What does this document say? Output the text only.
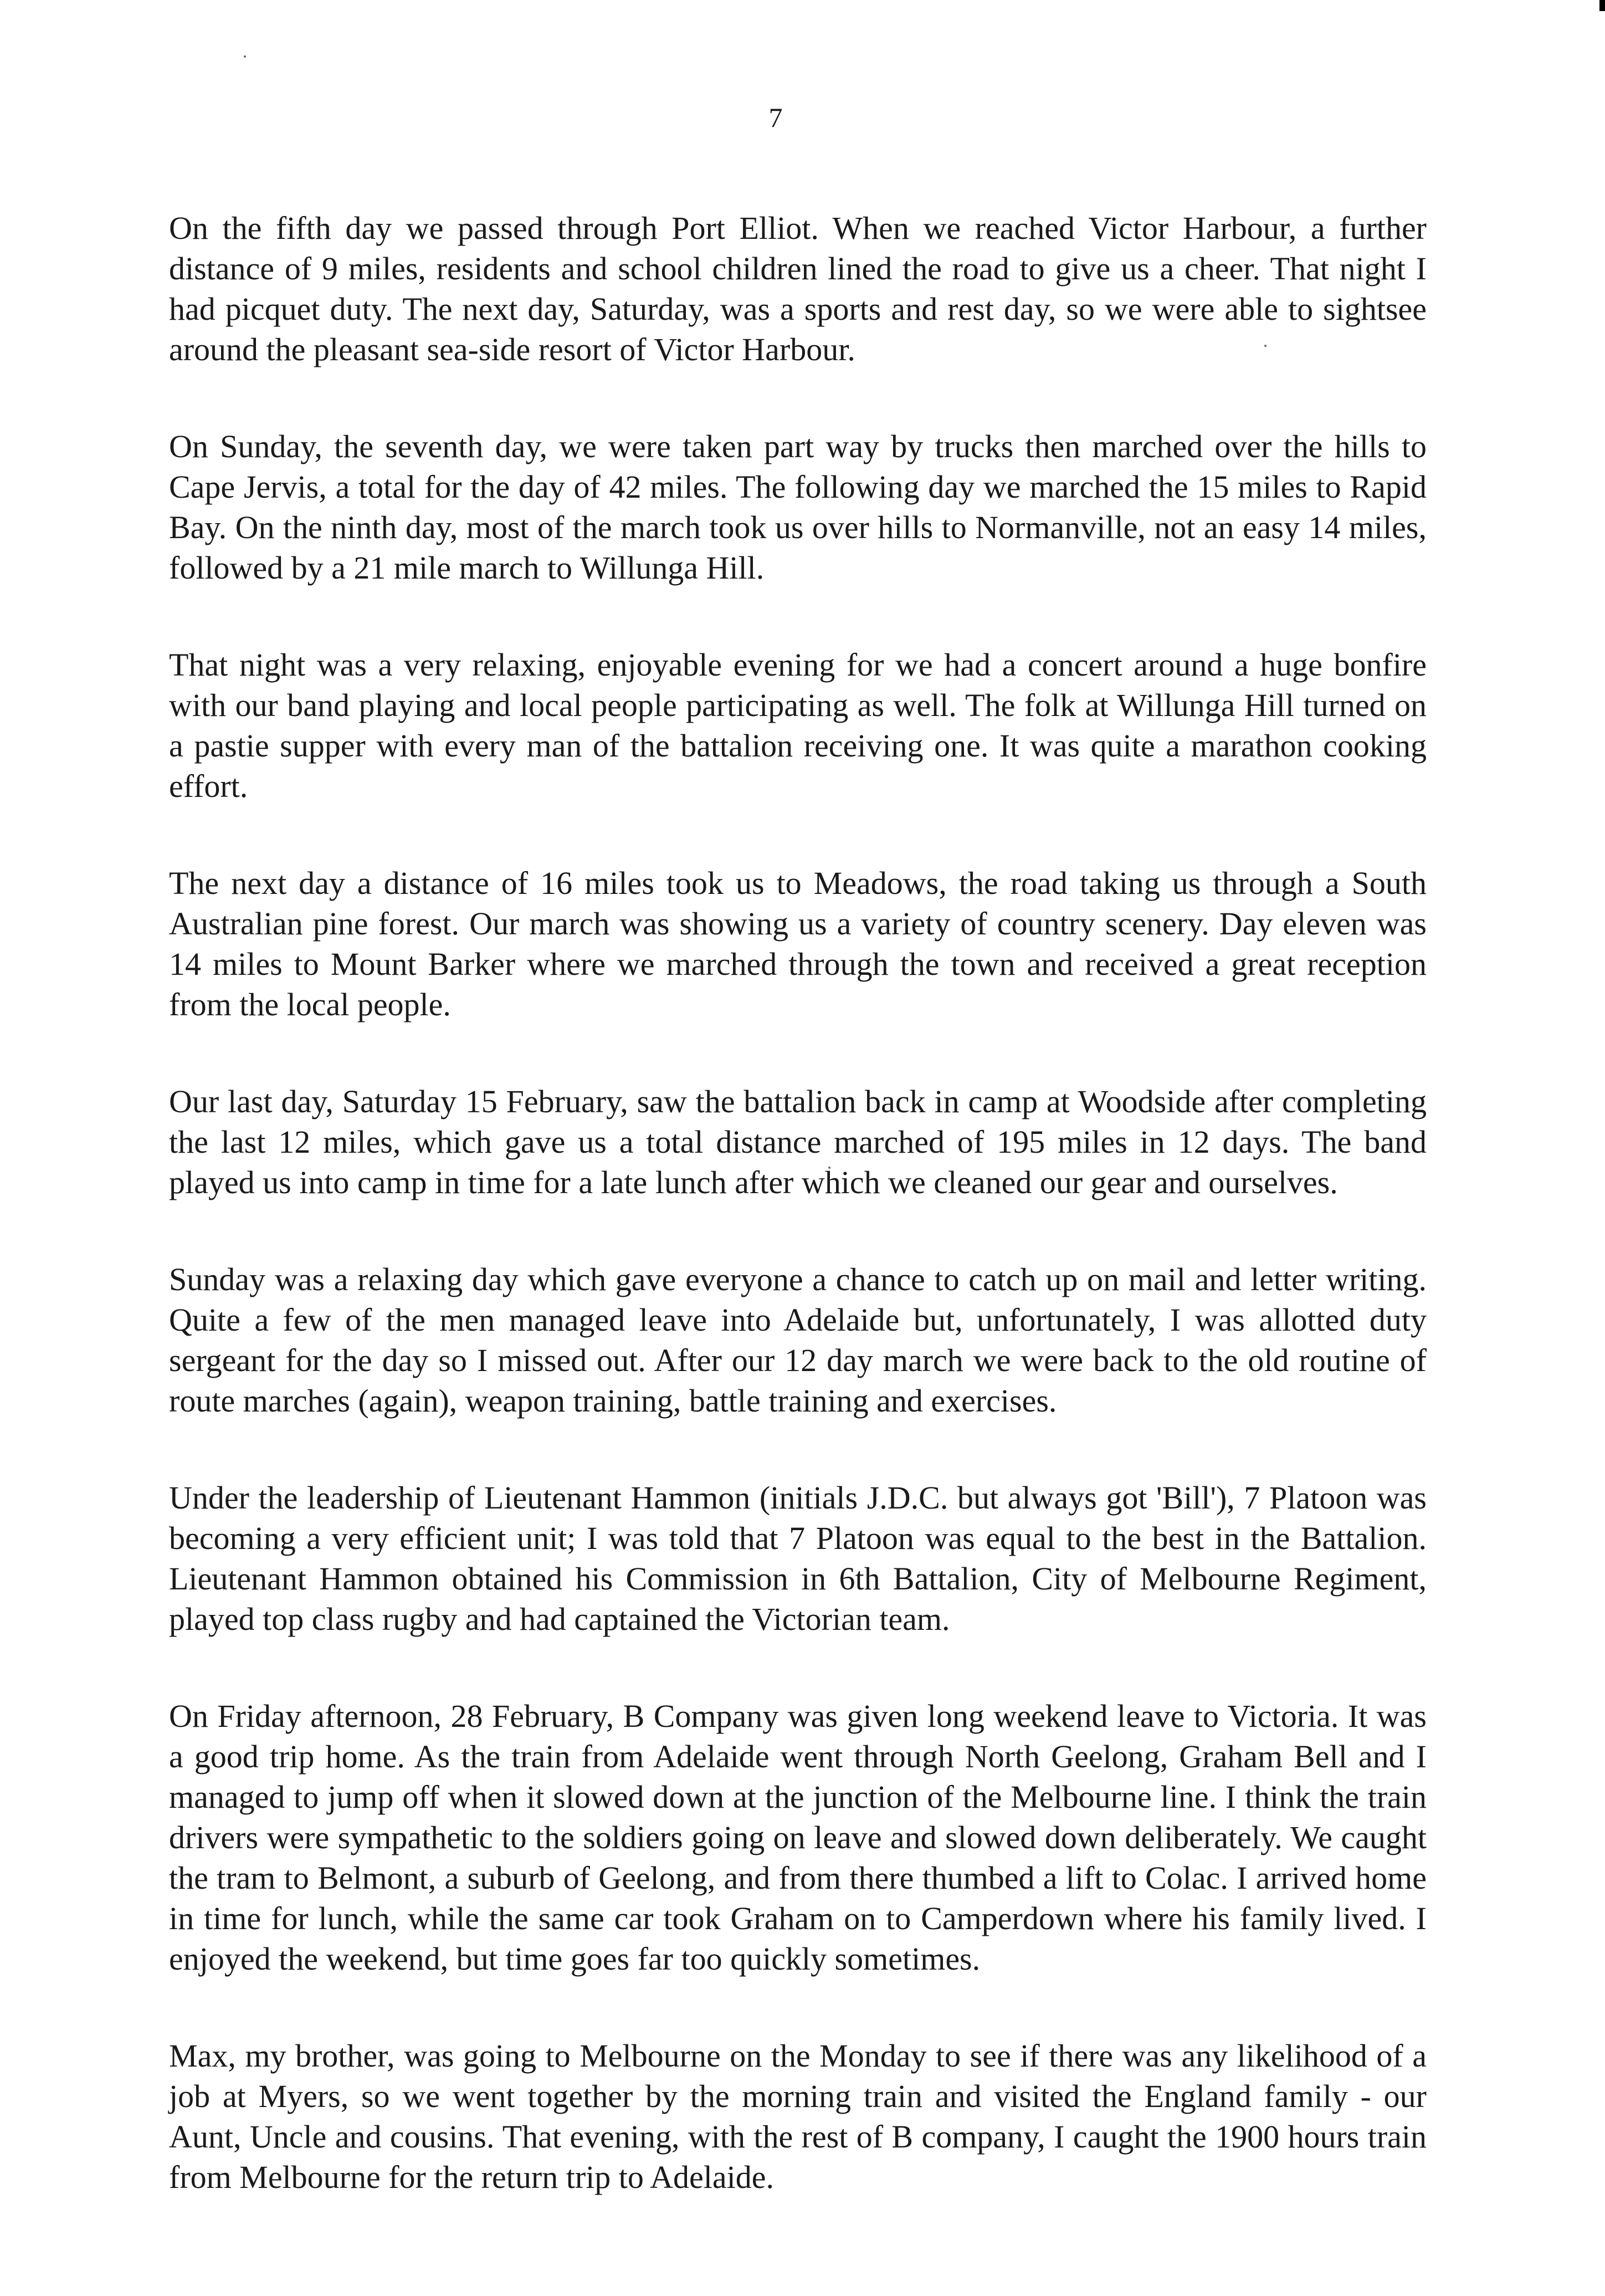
7

On the fifth day we passed through Port Elliot. When we reached Victor Harbour, a further distance of 9 miles, residents and school children lined the road to give us a cheer. That night I had picquet duty. The next day, Saturday, was a sports and rest day, so we were able to sightsee around the pleasant sea-side resort of Victor Harbour.

On Sunday, the seventh day, we were taken part way by trucks then marched over the hills to Cape Jervis, a total for the day of 42 miles. The following day we marched the 15 miles to Rapid Bay. On the ninth day, most of the march took us over hills to Normanville, not an easy 14 miles, followed by a 21 mile march to Willunga Hill.

That night was a very relaxing, enjoyable evening for we had a concert around a huge bonfire with our band playing and local people participating as well. The folk at Willunga Hill turned on a pastie supper with every man of the battalion receiving one. It was quite a marathon cooking effort.

The next day a distance of 16 miles took us to Meadows, the road taking us through a South Australian pine forest. Our march was showing us a variety of country scenery. Day eleven was 14 miles to Mount Barker where we marched through the town and received a great reception from the local people.

Our last day, Saturday 15 February, saw the battalion back in camp at Woodside after completing the last 12 miles, which gave us a total distance marched of 195 miles in 12 days. The band played us into camp in time for a late lunch after which we cleaned our gear and ourselves.

Sunday was a relaxing day which gave everyone a chance to catch up on mail and letter writing. Quite a few of the men managed leave into Adelaide but, unfortunately, I was allotted duty sergeant for the day so I missed out. After our 12 day march we were back to the old routine of route marches (again), weapon training, battle training and exercises.

Under the leadership of Lieutenant Hammon (initials J.D.C. but always got 'Bill'), 7 Platoon was becoming a very efficient unit; I was told that 7 Platoon was equal to the best in the Battalion. Lieutenant Hammon obtained his Commission in 6th Battalion, City of Melbourne Regiment, played top class rugby and had captained the Victorian team.

On Friday afternoon, 28 February, B Company was given long weekend leave to Victoria. It was a good trip home. As the train from Adelaide went through North Geelong, Graham Bell and I managed to jump off when it slowed down at the junction of the Melbourne line. I think the train drivers were sympathetic to the soldiers going on leave and slowed down deliberately. We caught the tram to Belmont, a suburb of Geelong, and from there thumbed a lift to Colac. I arrived home in time for lunch, while the same car took Graham on to Camperdown where his family lived. I enjoyed the weekend, but time goes far too quickly sometimes.

Max, my brother, was going to Melbourne on the Monday to see if there was any likelihood of a job at Myers, so we went together by the morning train and visited the England family - our Aunt, Uncle and cousins. That evening, with the rest of B company, I caught the 1900 hours train from Melbourne for the return trip to Adelaide.
